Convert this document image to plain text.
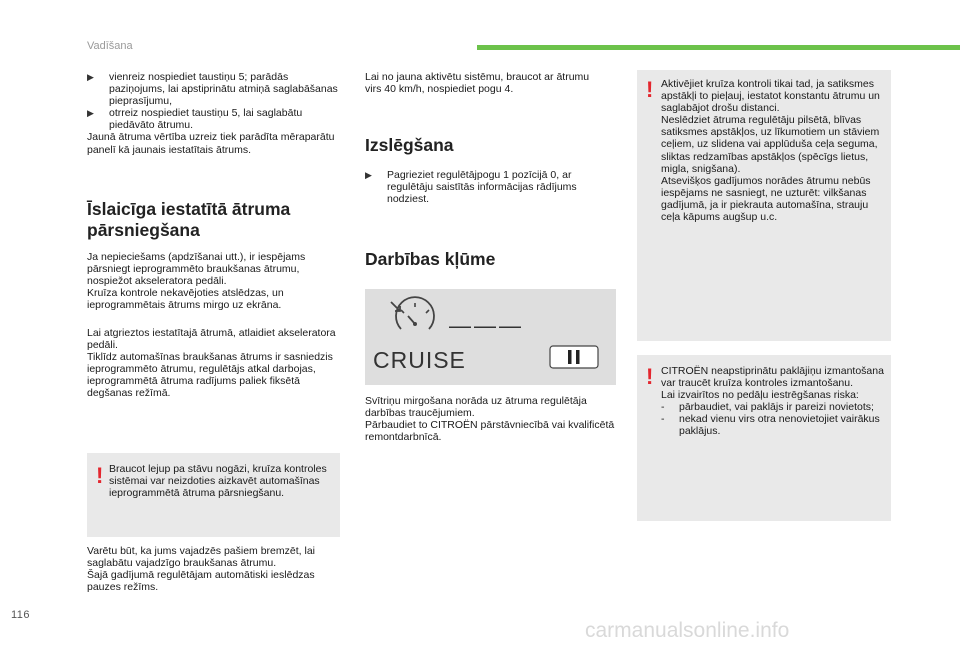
Vadīšana
▶	vienreiz nospiediet taustiņu 5; parādās paziņojums, lai apstiprinātu atmiņā saglabāšanas pieprasījumu,
▶	otrreiz nospiediet taustiņu 5, lai saglabātu piedāvāto ātrumu.

Jaunā ātruma vērtība uzreiz tiek parādīta mēraparātu panelī kā jaunais iestatītais ātrums.

Īslaicīga iestatītā ātruma
pārsniegšana

Ja nepieciešams (apdzīšanai utt.), ir iespējams pārsniegt ieprogrammēto braukšanas ātrumu, nospiežot akseleratora pedāli.

Kruīza kontrole nekavējoties atslēdzas, un ieprogrammētais ātrums mirgo uz ekrāna.

Lai atgrieztos iestatītajā ātrumā, atlaidiet akseleratora pedāli.

Tiklīdz automašīnas braukšanas ātrums ir sasniedzis ieprogrammēto ātrumu, regulētājs atkal darbojas, ieprogrammētā ātruma radījums paliek fiksētā degšanas režīmā.

! Braucot lejup pa stāvu nogāzi, kruīza kontroles sistēmai var neizdoties aizkavēt automašīnas ieprogrammētā ātruma pārsniegšanu.

Varētu būt, ka jums vajadzēs pašiem bremzēt, lai saglabātu vajadzīgo braukšanas ātrumu.

Šajā gadījumā regulētājam automātiski ieslēdzas pauzes režīms.

Lai no jauna aktivētu sistēmu, braucot ar ātrumu virs 40 km/h, nospiediet pogu 4.

Izslēgšana
▶	Pagrieziet regulētājpogu 1 pozīcijā 0, ar regulētāju saistītās informācijas rādījums nodziest.
Darbības kļūme
———
CRUISE

Svītriņu mirgošana norāda uz ātruma regulētāja darbības traucējumiem.

Pārbaudiet to CITROËN pārstāvniecībā vai kvalificētā remontdarbnīcā.

! Aktivējiet kruīza kontroli tikai tad, ja satiksmes apstākļi to pieļauj, iestatot konstantu ātrumu un saglabājot drošu distanci.

Neslēdziet ātruma regulētāju pilsētā, blīvas satiksmes apstākļos, uz līkumotiem un stāviem ceļiem, uz slidena vai applūduša ceļa seguma, sliktas redzamības apstākļos (spēcīgs lietus, migla, snigšana).

Atsevišķos gadījumos norādes ātrumu nebūs iespējams ne sasniegt, ne uzturēt: vilkšanas gadījumā, ja ir piekrauta automašīna, strauju ceļa kāpums augšup u.c.

! CITROËN neapstiprinātu paklājiņu izmantošana var traucēt kruīza kontroles izmantošanu.

Lai izvairītos no pedāļu iestrēgšanas riska:

-	pārbaudiet, vai paklājs ir pareizi novietots;
-	nekad vienu virs otra nenovietojiet vairākus paklājus.
116
carmanualsonline.info
